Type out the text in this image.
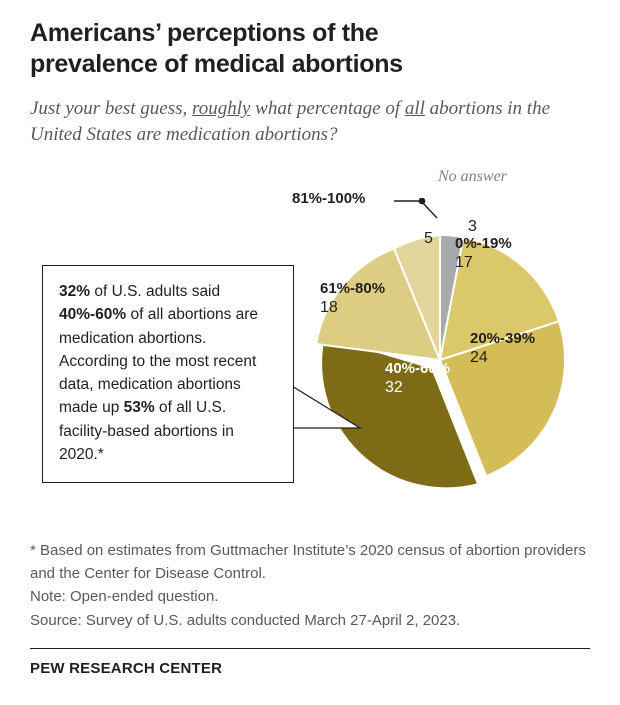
Americans’ perceptions of the
prevalence of medical abortions
Just your best guess, roughly what percentage of all abortions in the United States are medication abortions?
0%-19%
17
20%-39%
24
40%-60%
32
61%-80%
18
81%-100%
5
No answer
3
32% of U.S. adults said 40%-60% of all abortions are medication abortions. According to the most recent data, medication abortions made up 53% of all U.S. facility-based abortions in 2020.*
* Based on estimates from Guttmacher Institute’s 2020 census of abortion providers and the Center for Disease Control.
Note: Open-ended question.
Source: Survey of U.S. adults conducted March 27-April 2, 2023.
PEW RESEARCH CENTER
